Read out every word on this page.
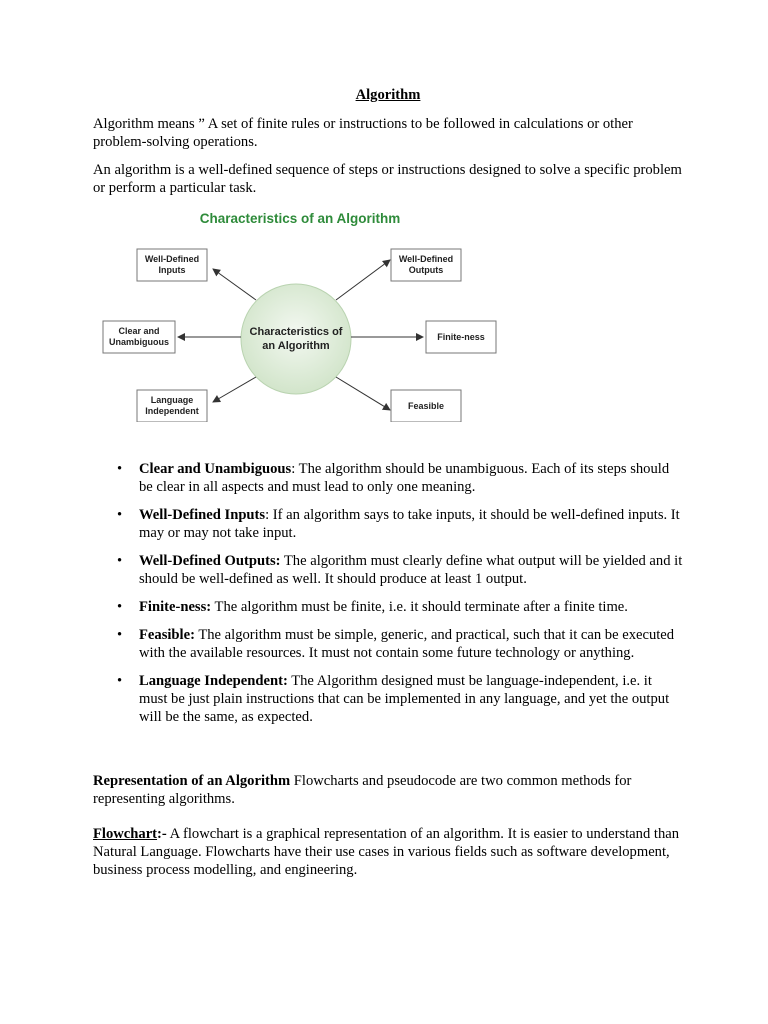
Algorithm

Algorithm means ” A set of finite rules or instructions to be followed in calculations or other problem-solving operations.

An algorithm is a well-defined sequence of steps or instructions designed to solve a specific problem or perform a particular task.

Characteristics of an Algorithm
Characteristics of
an Algorithm
Well-Defined
Inputs
Well-Defined
Outputs
Clear and
Unambiguous	Finite-ness
Language
Independent	Feasible
• Clear and Unambiguous: The algorithm should be unambiguous. Each of its steps should be clear in all aspects and must lead to only one meaning.
• Well-Defined Inputs: If an algorithm says to take inputs, it should be well-defined inputs. It may or may not take input.
• Well-Defined Outputs: The algorithm must clearly define what output will be yielded and it should be well-defined as well. It should produce at least 1 output.
• Finite-ness: The algorithm must be finite, i.e. it should terminate after a finite time.
• Feasible: The algorithm must be simple, generic, and practical, such that it can be executed with the available resources. It must not contain some future technology or anything.
• Language Independent: The Algorithm designed must be language-independent, i.e. it must be just plain instructions that can be implemented in any language, and yet the output will be the same, as expected.

Representation of an Algorithm Flowcharts and pseudocode are two common methods for representing algorithms.

Flowchart:- A flowchart is a graphical representation of an algorithm. It is easier to understand than Natural Language. Flowcharts have their use cases in various fields such as software development, business process modelling, and engineering.
